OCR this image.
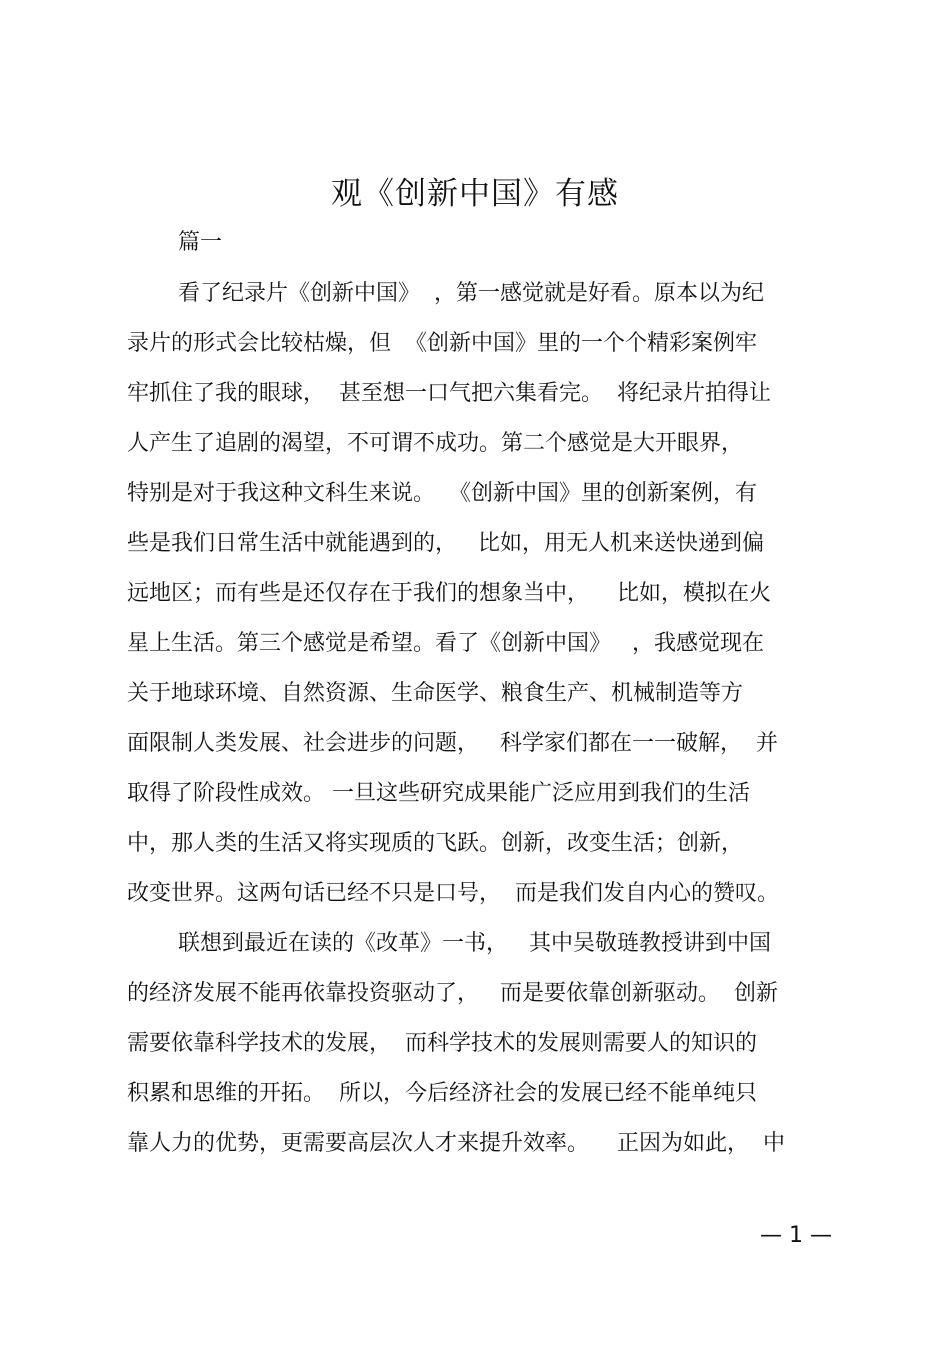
观《创新中国》有感
篇一
看了纪录片《创新中国》  ，第一感觉就是好看。原本以为纪
录片的形式会比较枯燥，但  《创新中国》里的一个个精彩案例牢
牢抓住了我的眼球，  甚至想一口气把六集看完。  将纪录片拍得让
人产生了追剧的渴望，不可谓不成功。第二个感觉是大开眼界，
特别是对于我这种文科生来说。  《创新中国》里的创新案例，有
些是我们日常生活中就能遇到的，   比如，用无人机来送快递到偏
远地区；而有些是还仅存在于我们的想象当中，    比如，模拟在火
星上生活。第三个感觉是希望。看了《创新中国》   ，我感觉现在
关于地球环境、自然资源、生命医学、粮食生产、机械制造等方
面限制人类发展、社会进步的问题，   科学家们都在一一破解，  并
取得了阶段性成效。 一旦这些研究成果能广泛应用到我们的生活
中，那人类的生活又将实现质的飞跃。创新，改变生活；创新，
改变世界。这两句话已经不只是口号，  而是我们发自内心的赞叹。
联想到最近在读的《改革》一书，   其中吴敬琏教授讲到中国
的经济发展不能再依靠投资驱动了，   而是要依靠创新驱动。  创新
需要依靠科学技术的发展，  而科学技术的发展则需要人的知识的
积累和思维的开拓。  所以，今后经济社会的发展已经不能单纯只
靠人力的优势，更需要高层次人才来提升效率。    正因为如此，  中
— 1 —
